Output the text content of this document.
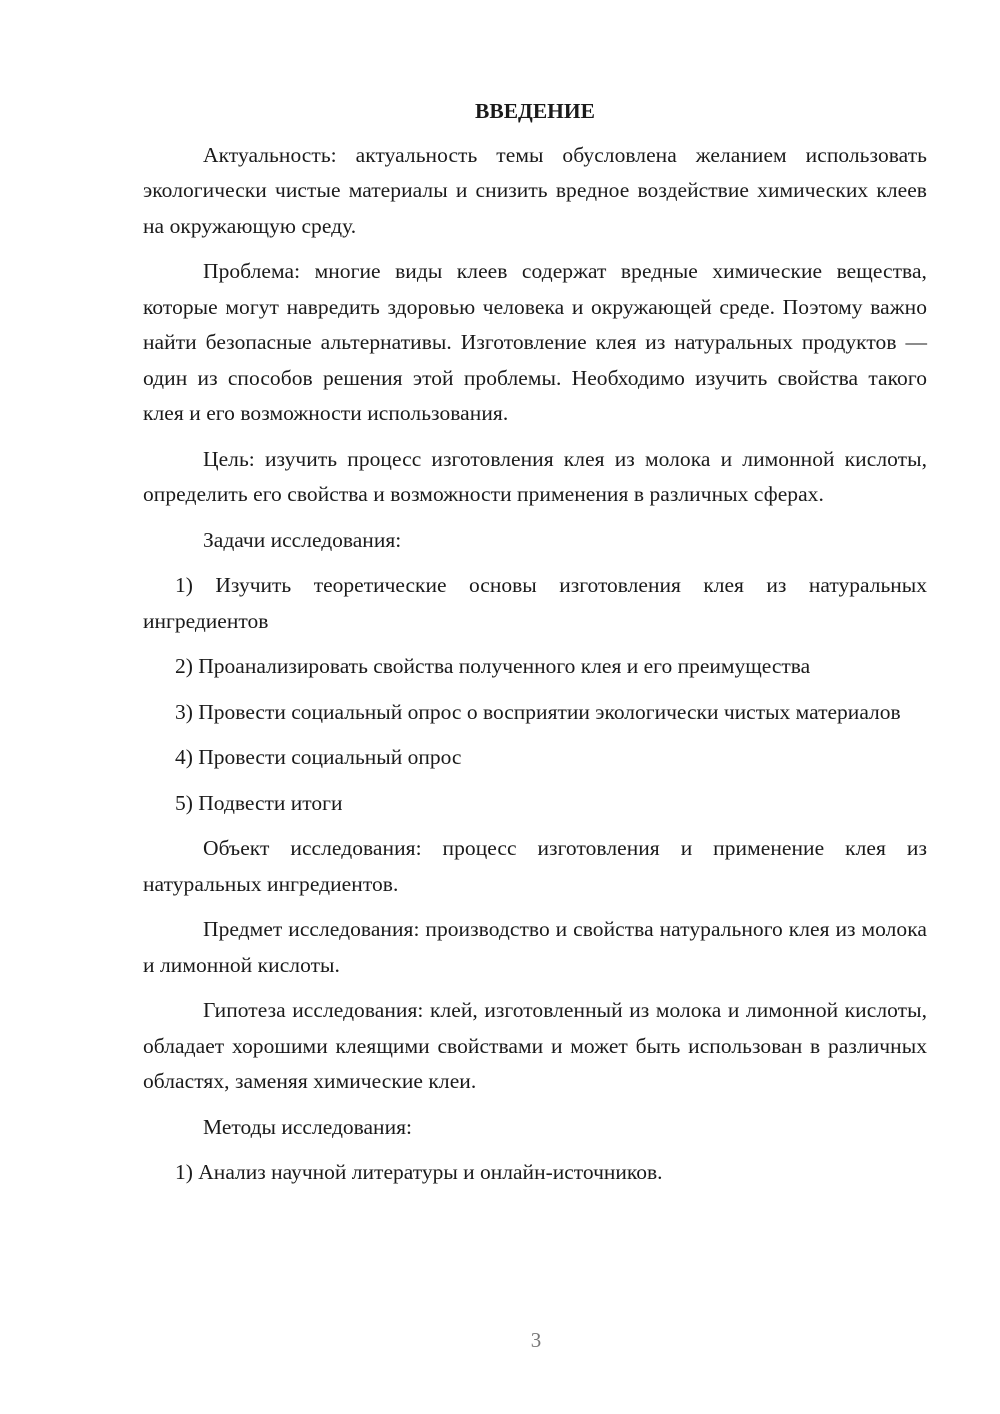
ВВЕДЕНИЕ

Актуальность: актуальность темы обусловлена желанием использовать экологически чистые материалы и снизить вредное воздействие химических клеев на окружающую среду.

Проблема: многие виды клеев содержат вредные химические вещества, которые могут навредить здоровью человека и окружающей среде. Поэтому важно найти безопасные альтернативы. Изготовление клея из натуральных продуктов — один из способов решения этой проблемы. Необходимо изучить свойства такого клея и его возможности использования.

Цель: изучить процесс изготовления клея из молока и лимонной кислоты, определить его свойства и возможности применения в различных сферах.

Задачи исследования:

1) Изучить теоретические основы изготовления клея из натуральных ингредиентов

2) Проанализировать свойства полученного клея и его преимущества

3) Провести социальный опрос о восприятии экологически чистых материалов

4) Провести социальный опрос

5) Подвести итоги

Объект исследования: процесс изготовления и применение клея из натуральных ингредиентов.

Предмет исследования: производство и свойства натурального клея из молока и лимонной кислоты.

Гипотеза исследования: клей, изготовленный из молока и лимонной кислоты, обладает хорошими клеящими свойствами и может быть использован в различных областях, заменяя химические клеи.

Методы исследования:

1) Анализ научной литературы и онлайн-источников.

3
